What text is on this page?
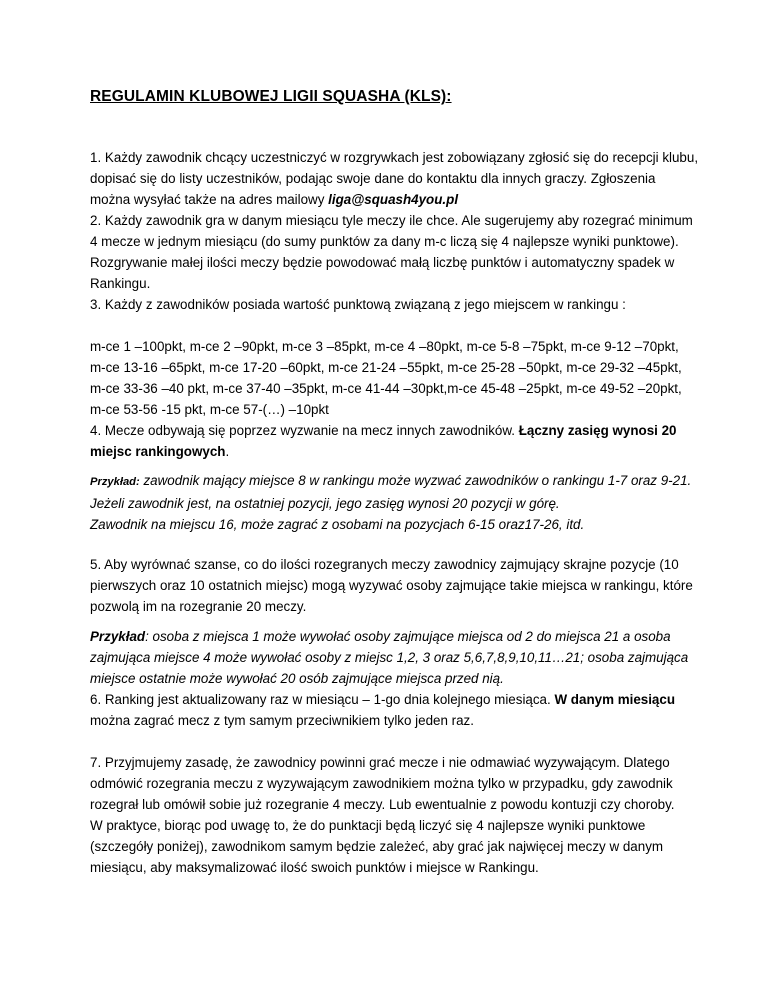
REGULAMIN KLUBOWEJ LIGII SQUASHA (KLS):
1. Każdy zawodnik chcący uczestniczyć w rozgrywkach jest zobowiązany zgłosić się do recepcji klubu,
dopisać się do listy uczestników, podając swoje dane do kontaktu dla innych graczy. Zgłoszenia
można wysyłać także na adres mailowy liga@squash4you.pl
2. Każdy zawodnik gra w danym miesiącu tyle meczy ile chce. Ale sugerujemy aby rozegrać minimum
4 mecze w jednym miesiącu (do sumy punktów za dany m-c liczą się 4 najlepsze wyniki punktowe).
Rozgrywanie małej ilości meczy będzie powodować małą liczbę punktów i automatyczny spadek w
Rankingu.
3. Każdy z zawodników posiada wartość punktową związaną z jego miejscem w rankingu :
m-ce 1 –100pkt, m-ce 2 –90pkt, m-ce 3 –85pkt, m-ce 4 –80pkt, m-ce 5-8 –75pkt, m-ce 9-12 –70pkt,
m-ce 13-16 –65pkt, m-ce 17-20 –60pkt, m-ce 21-24 –55pkt, m-ce 25-28 –50pkt, m-ce 29-32 –45pkt,
m-ce 33-36 –40 pkt, m-ce 37-40 –35pkt, m-ce 41-44 –30pkt,m-ce 45-48 –25pkt, m-ce 49-52 –20pkt,
m-ce 53-56 -15 pkt, m-ce 57-(…) –10pkt
4. Mecze odbywają się poprzez wyzwanie na mecz innych zawodników. Łączny zasięg wynosi 20
miejsc rankingowych.
Przykład: zawodnik mający miejsce 8 w rankingu może wyzwać zawodników o rankingu 1-7 oraz 9-21.
Jeżeli zawodnik jest, na ostatniej pozycji, jego zasięg wynosi 20 pozycji w górę.
Zawodnik na miejscu 16, może zagrać z osobami na pozycjach 6-15 oraz17-26, itd.
5. Aby wyrównać szanse, co do ilości rozegranych meczy zawodnicy zajmujący skrajne pozycje (10
pierwszych oraz 10 ostatnich miejsc) mogą wyzywać osoby zajmujące takie miejsca w rankingu, które
pozwolą im na rozegranie 20 meczy.
Przykład: osoba z miejsca 1 może wywołać osoby zajmujące miejsca od 2 do miejsca 21 a osoba
zajmująca miejsce 4 może wywołać osoby z miejsc 1,2, 3 oraz 5,6,7,8,9,10,11…21; osoba zajmująca
miejsce ostatnie może wywołać 20 osób zajmujące miejsca przed nią.
6. Ranking jest aktualizowany raz w miesiącu – 1-go dnia kolejnego miesiąca. W danym miesiącu
można zagrać mecz z tym samym przeciwnikiem tylko jeden raz.
7. Przyjmujemy zasadę, że zawodnicy powinni grać mecze i nie odmawiać wyzywającym. Dlatego
odmówić rozegrania meczu z wyzywającym zawodnikiem można tylko w przypadku, gdy zawodnik
rozegrał lub omówił sobie już rozegranie 4 meczy. Lub ewentualnie z powodu kontuzji czy choroby.
W praktyce, biorąc pod uwagę to, że do punktacji będą liczyć się 4 najlepsze wyniki punktowe
(szczegóły poniżej), zawodnikom samym będzie zależeć, aby grać jak najwięcej meczy w danym
miesiącu, aby maksymalizować ilość swoich punktów i miejsce w Rankingu.
